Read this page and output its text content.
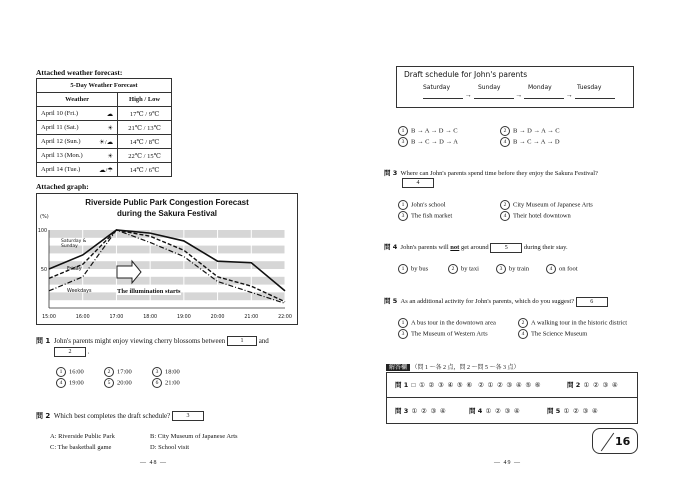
Attached weather forecast:
5-Day Weather Forecast	
Weather	High / Low
April 10 (Fri.) ☁	17℃ / 9℃
April 11 (Sat.) ☀	21℃ / 13℃
April 12 (Sun.) ☀/☁	14℃ / 8℃
April 13 (Mon.) ☀	22℃ / 15℃
April 14 (Tue.) ☁/☂	14℃ / 6℃
Attached graph:
Riverside Public Park Congestion Forecast
during the Sakura Festival
15:00	16:00	17:00	18:00	19:00	20:00	21:00	22:00
100
50
Saturday & Sunday
Friday
Weekdays
(%)
The illumination starts
問 1 John's parents might enjoy viewing cherry blossoms between	1 and
2 .
1 16:00	2 17:00	3 18:00
4 19:00	5 20:00	6 21:00
問 2 Which best completes the draft schedule?	3
A: Riverside Public Park	B: City Museum of Japanese Arts
C: The basketball game	D: School visit
— 48 —
Draft schedule for John's parents
Saturday	Sunday	Monday	Tuesday
→	→	→
1 B → A → D → C	2 B → D → A → C
3 B → C → D → A	4 B → C → A → D
問 3 Where can John's parents spend time before they enjoy the Sakura Festival?
4
1 John's school	2 City Museum of Japanese Arts
3 The fish market	4 Their hotel downtown
問 4 John's parents will not get around	5 during their stay.
1 by bus	2 by taxi	3 by train	4 on foot
問 5 As an additional activity for John's parents, which do you suggest?	6
1 A bus tour in the downtown area	2 A walking tour in the historic district
3 The Museum of Western Arts	4 The Science Museum
解答欄 （問 1 ～各 2 点，問 2 ～問 5 ～各 3 点）
問 1 □ ① ② ③ ④ ⑤ ⑥ ② ① ② ③ ④ ⑤ ⑥	問 2 ① ② ③ ④
問 3 ① ② ③ ④	問 4 ① ② ③ ④	問 5 ① ② ③ ④
16
— 49 —
